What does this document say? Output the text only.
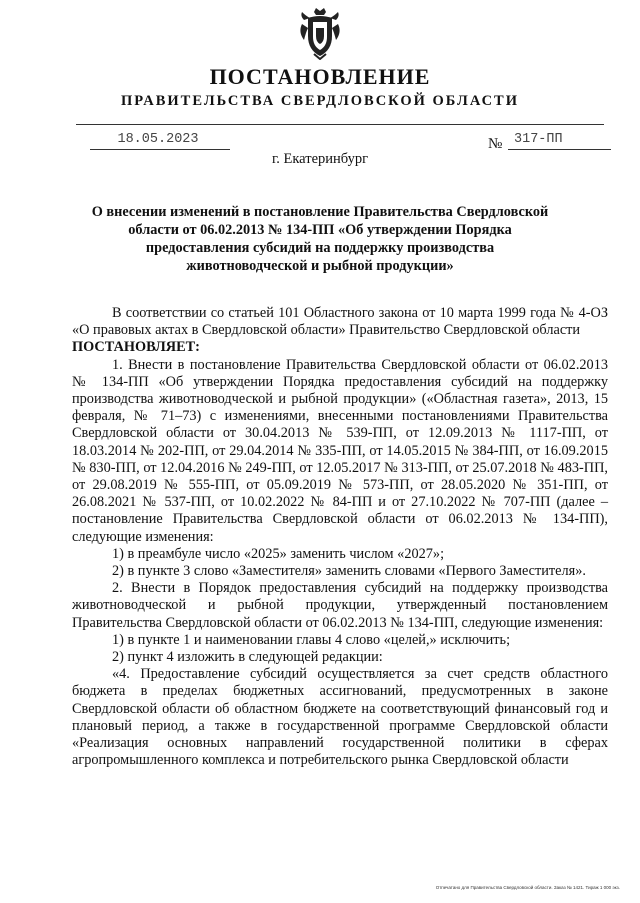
ПОСТАНОВЛЕНИЕ
ПРАВИТЕЛЬСТВА СВЕРДЛОВСКОЙ ОБЛАСТИ
18.05.2023	№ 317-ПП
г. Екатеринбург
О внесении изменений в постановление Правительства Свердловской области от 06.02.2013 № 134-ПП «Об утверждении Порядка предоставления субсидий на поддержку производства животноводческой и рыбной продукции»

В соответствии со статьей 101 Областного закона от 10 марта 1999 года № 4-ОЗ «О правовых актах в Свердловской области» Правительство Свердловской области

ПОСТАНОВЛЯЕТ:

1. Внести в постановление Правительства Свердловской области от 06.02.2013 № 134-ПП «Об утверждении Порядка предоставления субсидий на поддержку производства животноводческой и рыбной продукции» («Областная газета», 2013, 15 февраля, № 71–73) с изменениями, внесенными постановлениями Правительства Свердловской области от 30.04.2013 № 539-ПП, от 12.09.2013 № 1117-ПП, от 18.03.2014 № 202-ПП, от 29.04.2014 № 335-ПП, от 14.05.2015 № 384-ПП, от 16.09.2015 № 830-ПП, от 12.04.2016 № 249-ПП, от 12.05.2017 № 313-ПП, от 25.07.2018 № 483-ПП, от 29.08.2019 № 555-ПП, от 05.09.2019 № 573-ПП, от 28.05.2020 № 351-ПП, от 26.08.2021 № 537-ПП, от 10.02.2022 № 84-ПП и от 27.10.2022 № 707-ПП (далее – постановление Правительства Свердловской области от 06.02.2013 № 134-ПП), следующие изменения:

1) в преамбуле число «2025» заменить числом «2027»;

2) в пункте 3 слово «Заместителя» заменить словами «Первого Заместителя».

2. Внести в Порядок предоставления субсидий на поддержку производства животноводческой и рыбной продукции, утвержденный постановлением Правительства Свердловской области от 06.02.2013 № 134-ПП, следующие изменения:

1) в пункте 1 и наименовании главы 4 слово «целей,» исключить;

2) пункт 4 изложить в следующей редакции:

«4. Предоставление субсидий осуществляется за счет средств областного бюджета в пределах бюджетных ассигнований, предусмотренных в законе Свердловской области об областном бюджете на соответствующий финансовый год и плановый период, а также в государственной программе Свердловской области «Реализация основных направлений государственной политики в сферах агропромышленного комплекса и потребительского рынка Свердловской области

Отпечатано для Правительства Свердловской области. Заказ № 1421. Тираж 1 000 экз.
